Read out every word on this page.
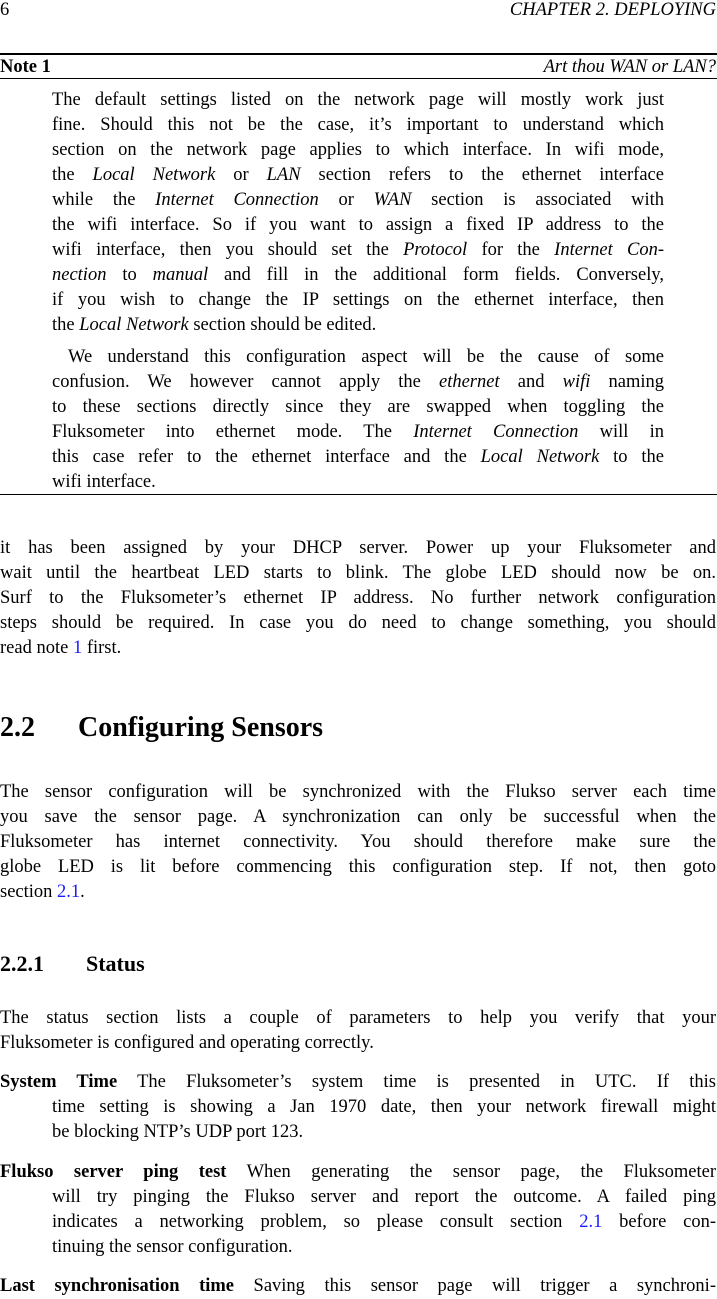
6	CHAPTER 2. DEPLOYING
Note 1	Art thou WAN or LAN?
The default settings listed on the network page will mostly work just
fine. Should this not be the case, it’s important to understand which
section on the network page applies to which interface. In wifi mode,
the Local Network or LAN section refers to the ethernet interface
while the Internet Connection or WAN section is associated with
the wifi interface. So if you want to assign a fixed IP address to the
wifi interface, then you should set the Protocol for the Internet Con-
nection to manual and fill in the additional form fields. Conversely,
if you wish to change the IP settings on the ethernet interface, then
the Local Network section should be edited.
We understand this configuration aspect will be the cause of some
confusion. We however cannot apply the ethernet and wifi naming
to these sections directly since they are swapped when toggling the
Fluksometer into ethernet mode. The Internet Connection will in
this case refer to the ethernet interface and the Local Network to the
wifi interface.
it has been assigned by your DHCP server. Power up your Fluksometer and
wait until the heartbeat LED starts to blink. The globe LED should now be on.
Surf to the Fluksometer’s ethernet IP address. No further network configuration
steps should be required. In case you do need to change something, you should
read note 1 first.
2.2 Configuring Sensors
The sensor configuration will be synchronized with the Flukso server each time
you save the sensor page. A synchronization can only be successful when the
Fluksometer has internet connectivity. You should therefore make sure the
globe LED is lit before commencing this configuration step. If not, then goto
section 2.1.
2.2.1 Status
The status section lists a couple of parameters to help you verify that your
Fluksometer is configured and operating correctly.
System Time The Fluksometer’s system time is presented in UTC. If this
time setting is showing a Jan 1970 date, then your network firewall might
be blocking NTP’s UDP port 123.
Flukso server ping test When generating the sensor page, the Fluksometer
will try pinging the Flukso server and report the outcome. A failed ping
indicates a networking problem, so please consult section 2.1 before con-
tinuing the sensor configuration.
Last synchronisation time Saving this sensor page will trigger a synchroni-
